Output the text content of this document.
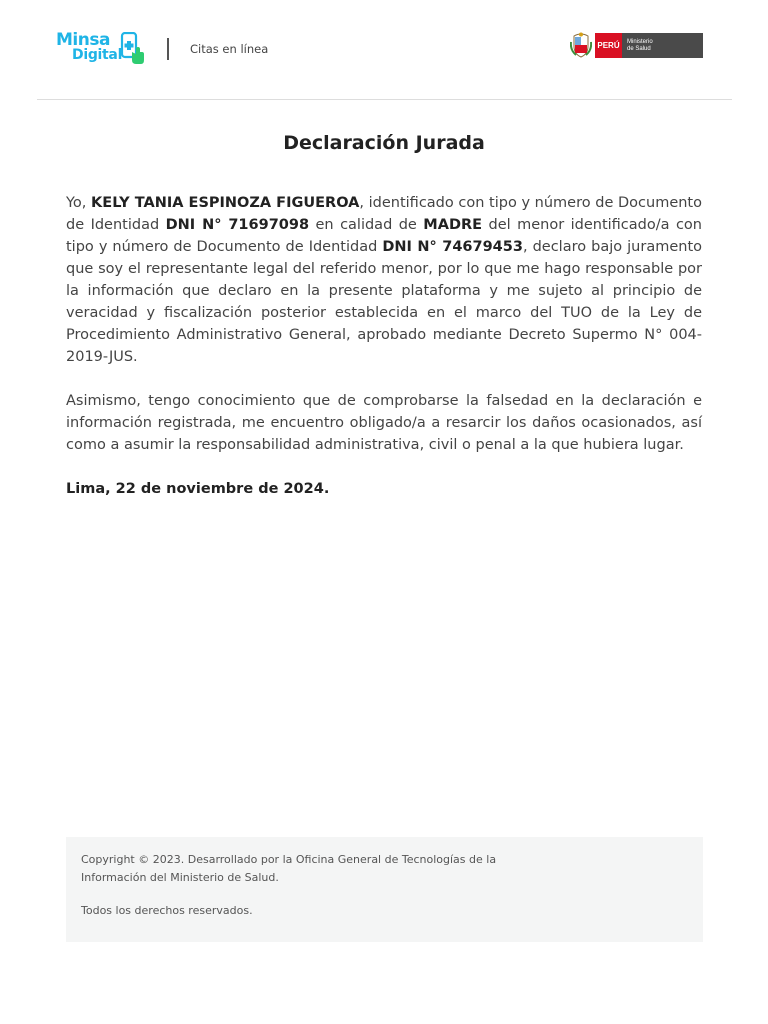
Minsa
Digital	Citas en línea	PERÚ	Ministerio
de Salud
Declaración Jurada

Yo, KELY TANIA ESPINOZA FIGUEROA, identificado con tipo y número de Documento de Identidad DNI N° 71697098 en calidad de MADRE del menor identificado/a con tipo y número de Documento de Identidad DNI N° 74679453, declaro bajo juramento que soy el representante legal del referido menor, por lo que me hago responsable por la información que declaro en la presente plataforma y me sujeto al principio de veracidad y fiscalización posterior establecida en el marco del TUO de la Ley de Procedimiento Administrativo General, aprobado mediante Decreto Supermo N° 004-2019-JUS.

Asimismo, tengo conocimiento que de comprobarse la falsedad en la declaración e información registrada, me encuentro obligado/a a resarcir los daños ocasionados, así como a asumir la responsabilidad administrativa, civil o penal a la que hubiera lugar.

Lima, 22 de noviembre de 2024.

Copyright © 2023. Desarrollado por la Oficina General de Tecnologías de la Información del Ministerio de Salud.
Todos los derechos reservados.
